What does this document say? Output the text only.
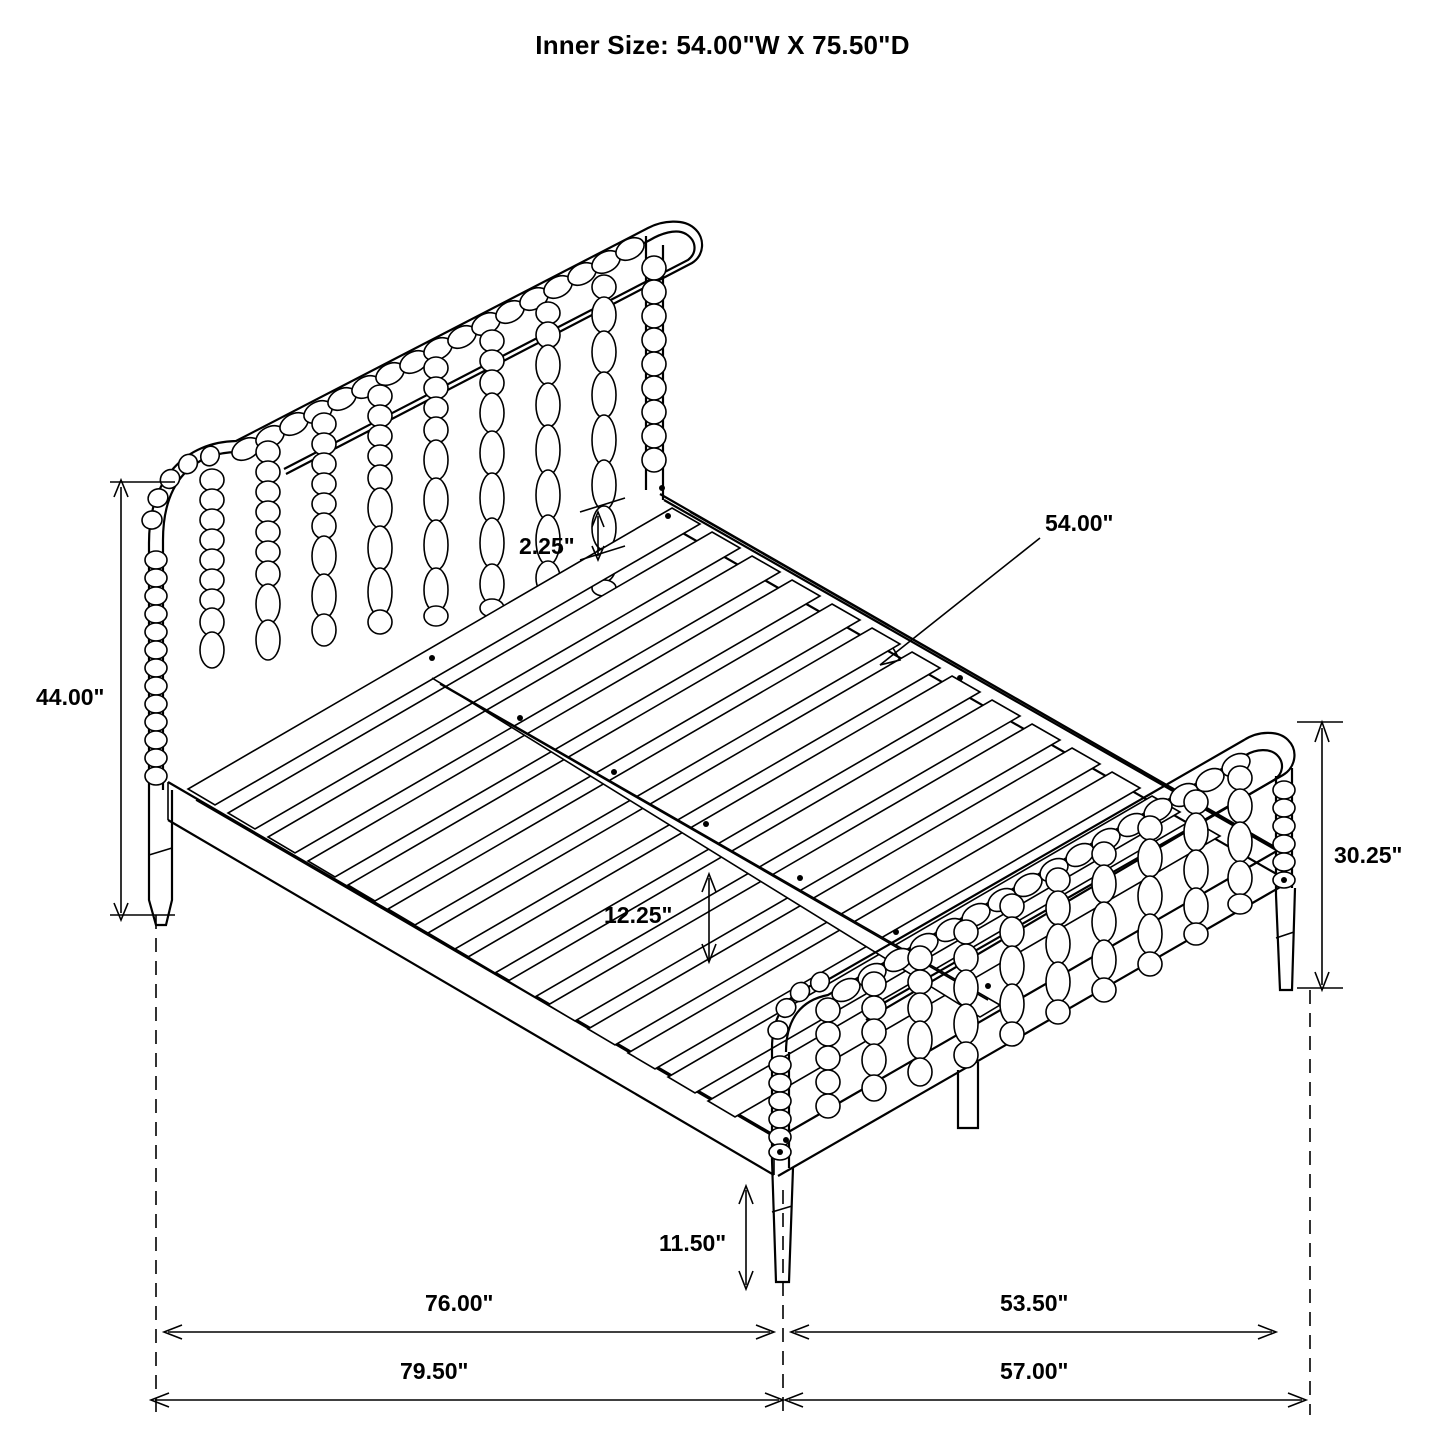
Inner Size: 54.00"W X 75.50"D
44.00"
2.25"
54.00"
30.25"
12.25"
11.50"
76.00"	53.50"
79.50"	57.00"
